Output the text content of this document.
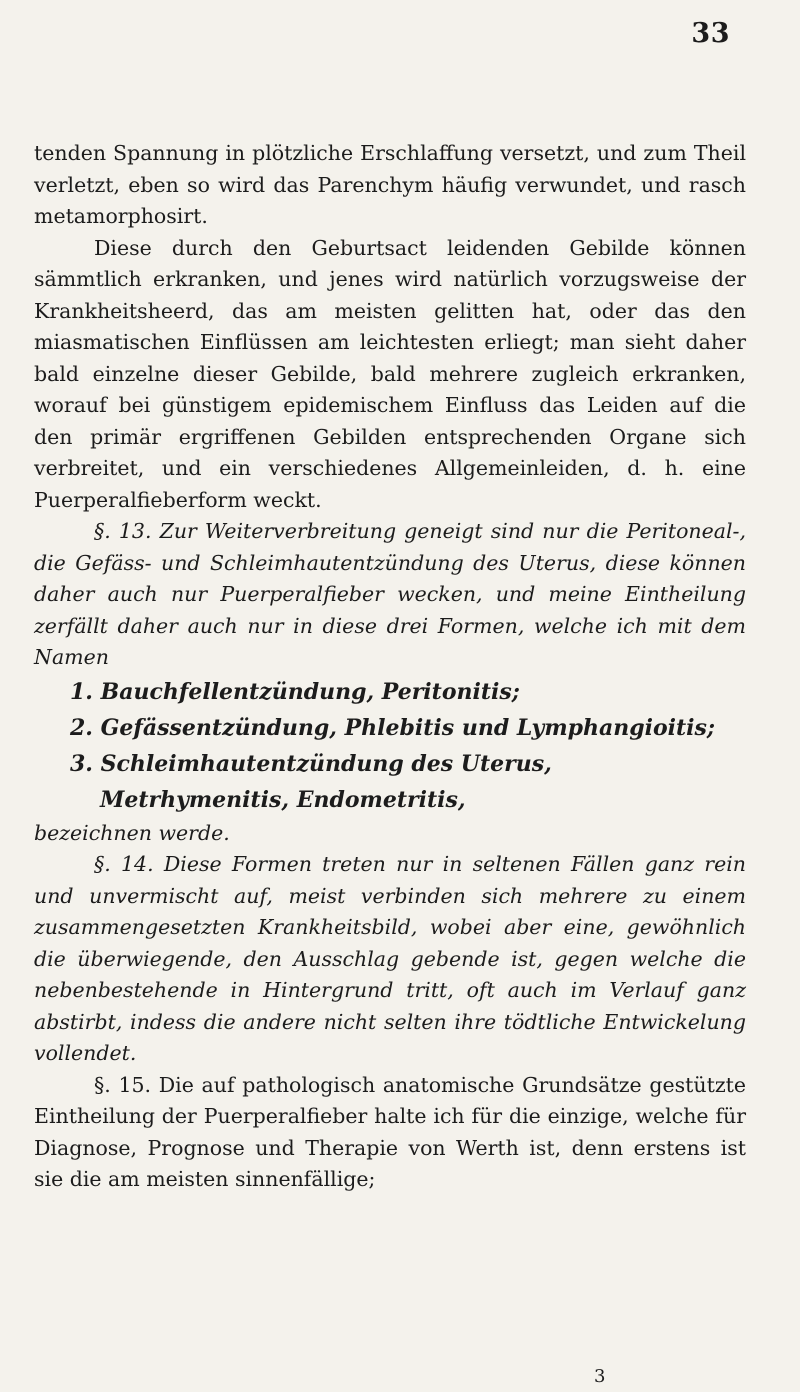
33

tenden Spannung in plötzliche Erschlaffung versetzt, und zum Theil verletzt, eben so wird das Parenchym häufig verwundet, und rasch metamorphosirt.

Diese durch den Geburtsact leidenden Gebilde können sämmtlich erkranken, und jenes wird natürlich vorzugsweise der Krankheitsheerd, das am meisten gelitten hat, oder das den miasmatischen Einflüssen am leichtesten erliegt; man sieht daher bald einzelne dieser Gebilde, bald mehrere zugleich erkranken, worauf bei günstigem epidemischem Einfluss das Leiden auf die den primär ergriffenen Gebilden entsprechenden Organe sich verbreitet, und ein verschiedenes Allgemeinleiden, d. h. eine Puerperalfieberform weckt.

§. 13. Zur Weiterverbreitung geneigt sind nur die Peritoneal-, die Gefäss- und Schleimhautentzündung des Uterus, diese können daher auch nur Puerperalfieber wecken, und meine Eintheilung zerfällt daher auch nur in diese drei Formen, welche ich mit dem Namen

1. Bauchfellentzündung, Peritonitis;
2. Gefässentzündung, Phlebitis und Lymphangioitis;
3. Schleimhautentzündung des Uterus, Metrhymenitis, Endometritis,

bezeichnen werde.

§. 14. Diese Formen treten nur in seltenen Fällen ganz rein und unvermischt auf, meist verbinden sich mehrere zu einem zusammengesetzten Krankheitsbild, wobei aber eine, gewöhnlich die überwiegende, den Ausschlag gebende ist, gegen welche die nebenbestehende in Hintergrund tritt, oft auch im Verlauf ganz abstirbt, indess die andere nicht selten ihre tödtliche Entwickelung vollendet.

§. 15. Die auf pathologisch anatomische Grundsätze gestützte Eintheilung der Puerperalfieber halte ich für die einzige, welche für Diagnose, Prognose und Therapie von Werth ist, denn erstens ist sie die am meisten sinnenfällige;

3
